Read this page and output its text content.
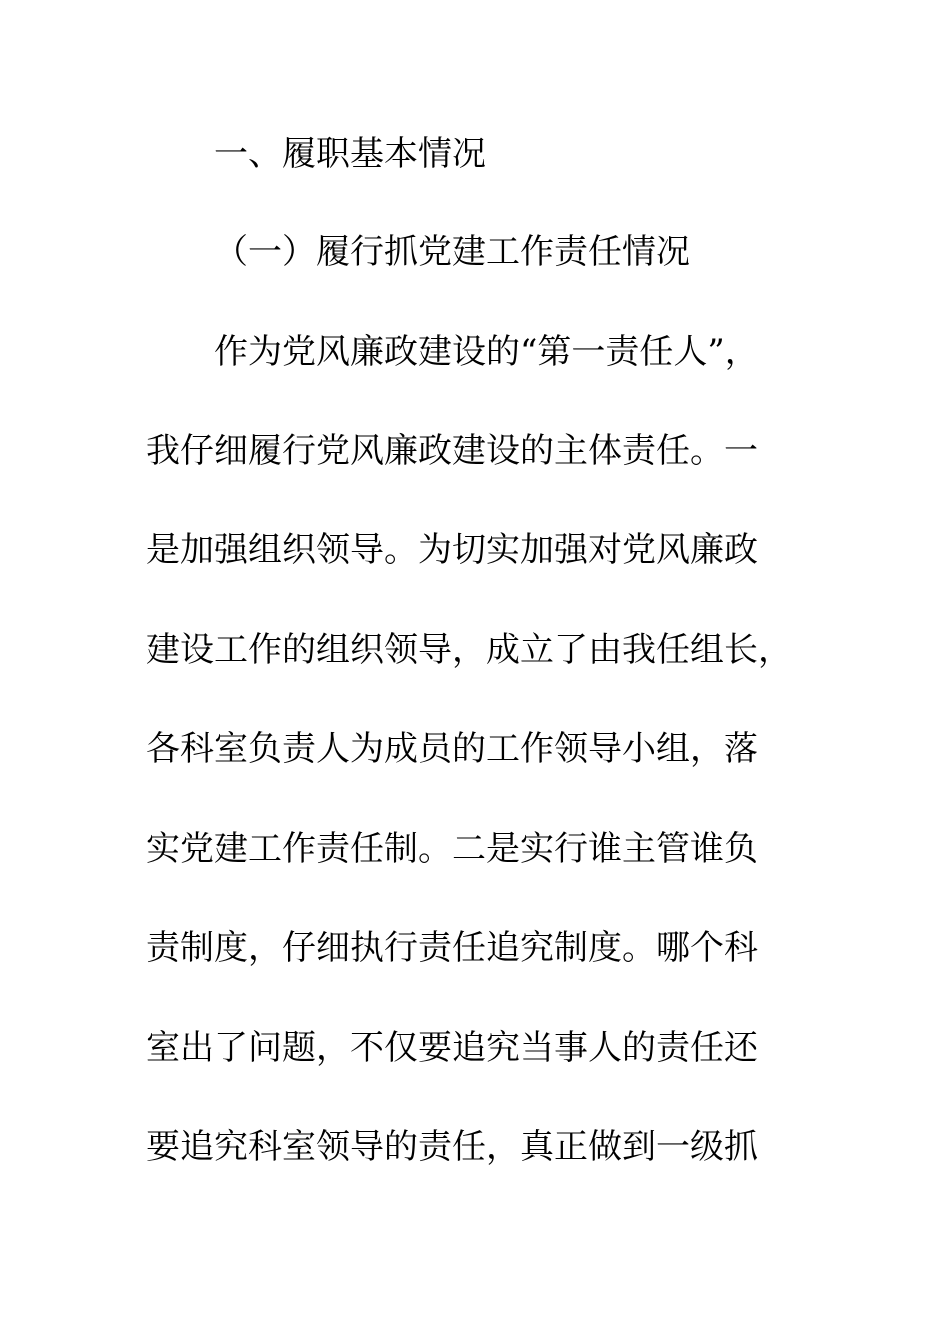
一、履职基本情况
（一）履行抓党建工作责任情况
作为党风廉政建设的“第一责任人”，
我仔细履行党风廉政建设的主体责任。一
是加强组织领导。为切实加强对党风廉政
建设工作的组织领导，成立了由我任组长，
各科室负责人为成员的工作领导小组，落
实党建工作责任制。二是实行谁主管谁负
责制度，仔细执行责任追究制度。哪个科
室出了问题，不仅要追究当事人的责任还
要追究科室领导的责任，真正做到一级抓
